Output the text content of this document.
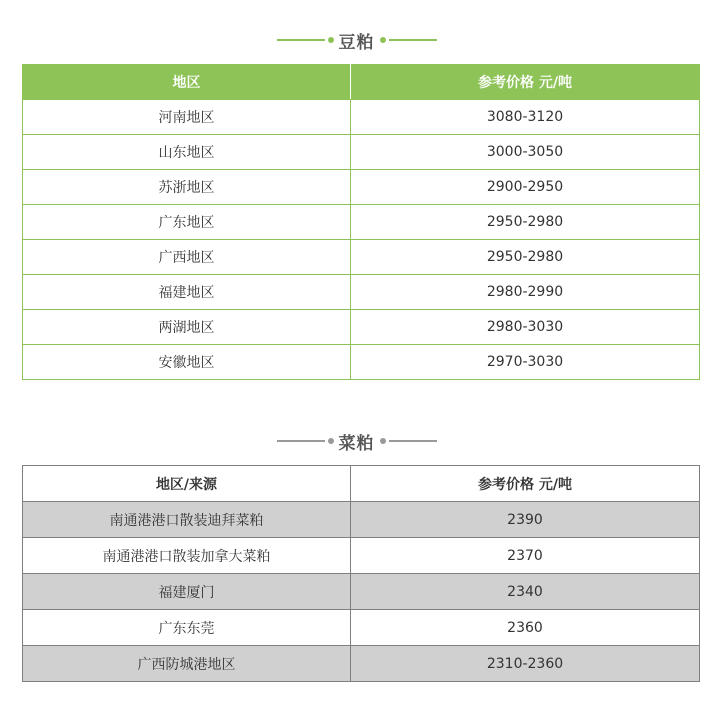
豆粕
地区	参考价格 元/吨
河南地区	3080-3120
山东地区	3000-3050
苏浙地区	2900-2950
广东地区	2950-2980
广西地区	2950-2980
福建地区	2980-2990
两湖地区	2980-3030
安徽地区	2970-3030
菜粕
地区/来源	参考价格 元/吨
南通港港口散装迪拜菜粕	2390
南通港港口散装加拿大菜粕	2370
福建厦门	2340
广东东莞	2360
广西防城港地区	2310-2360
